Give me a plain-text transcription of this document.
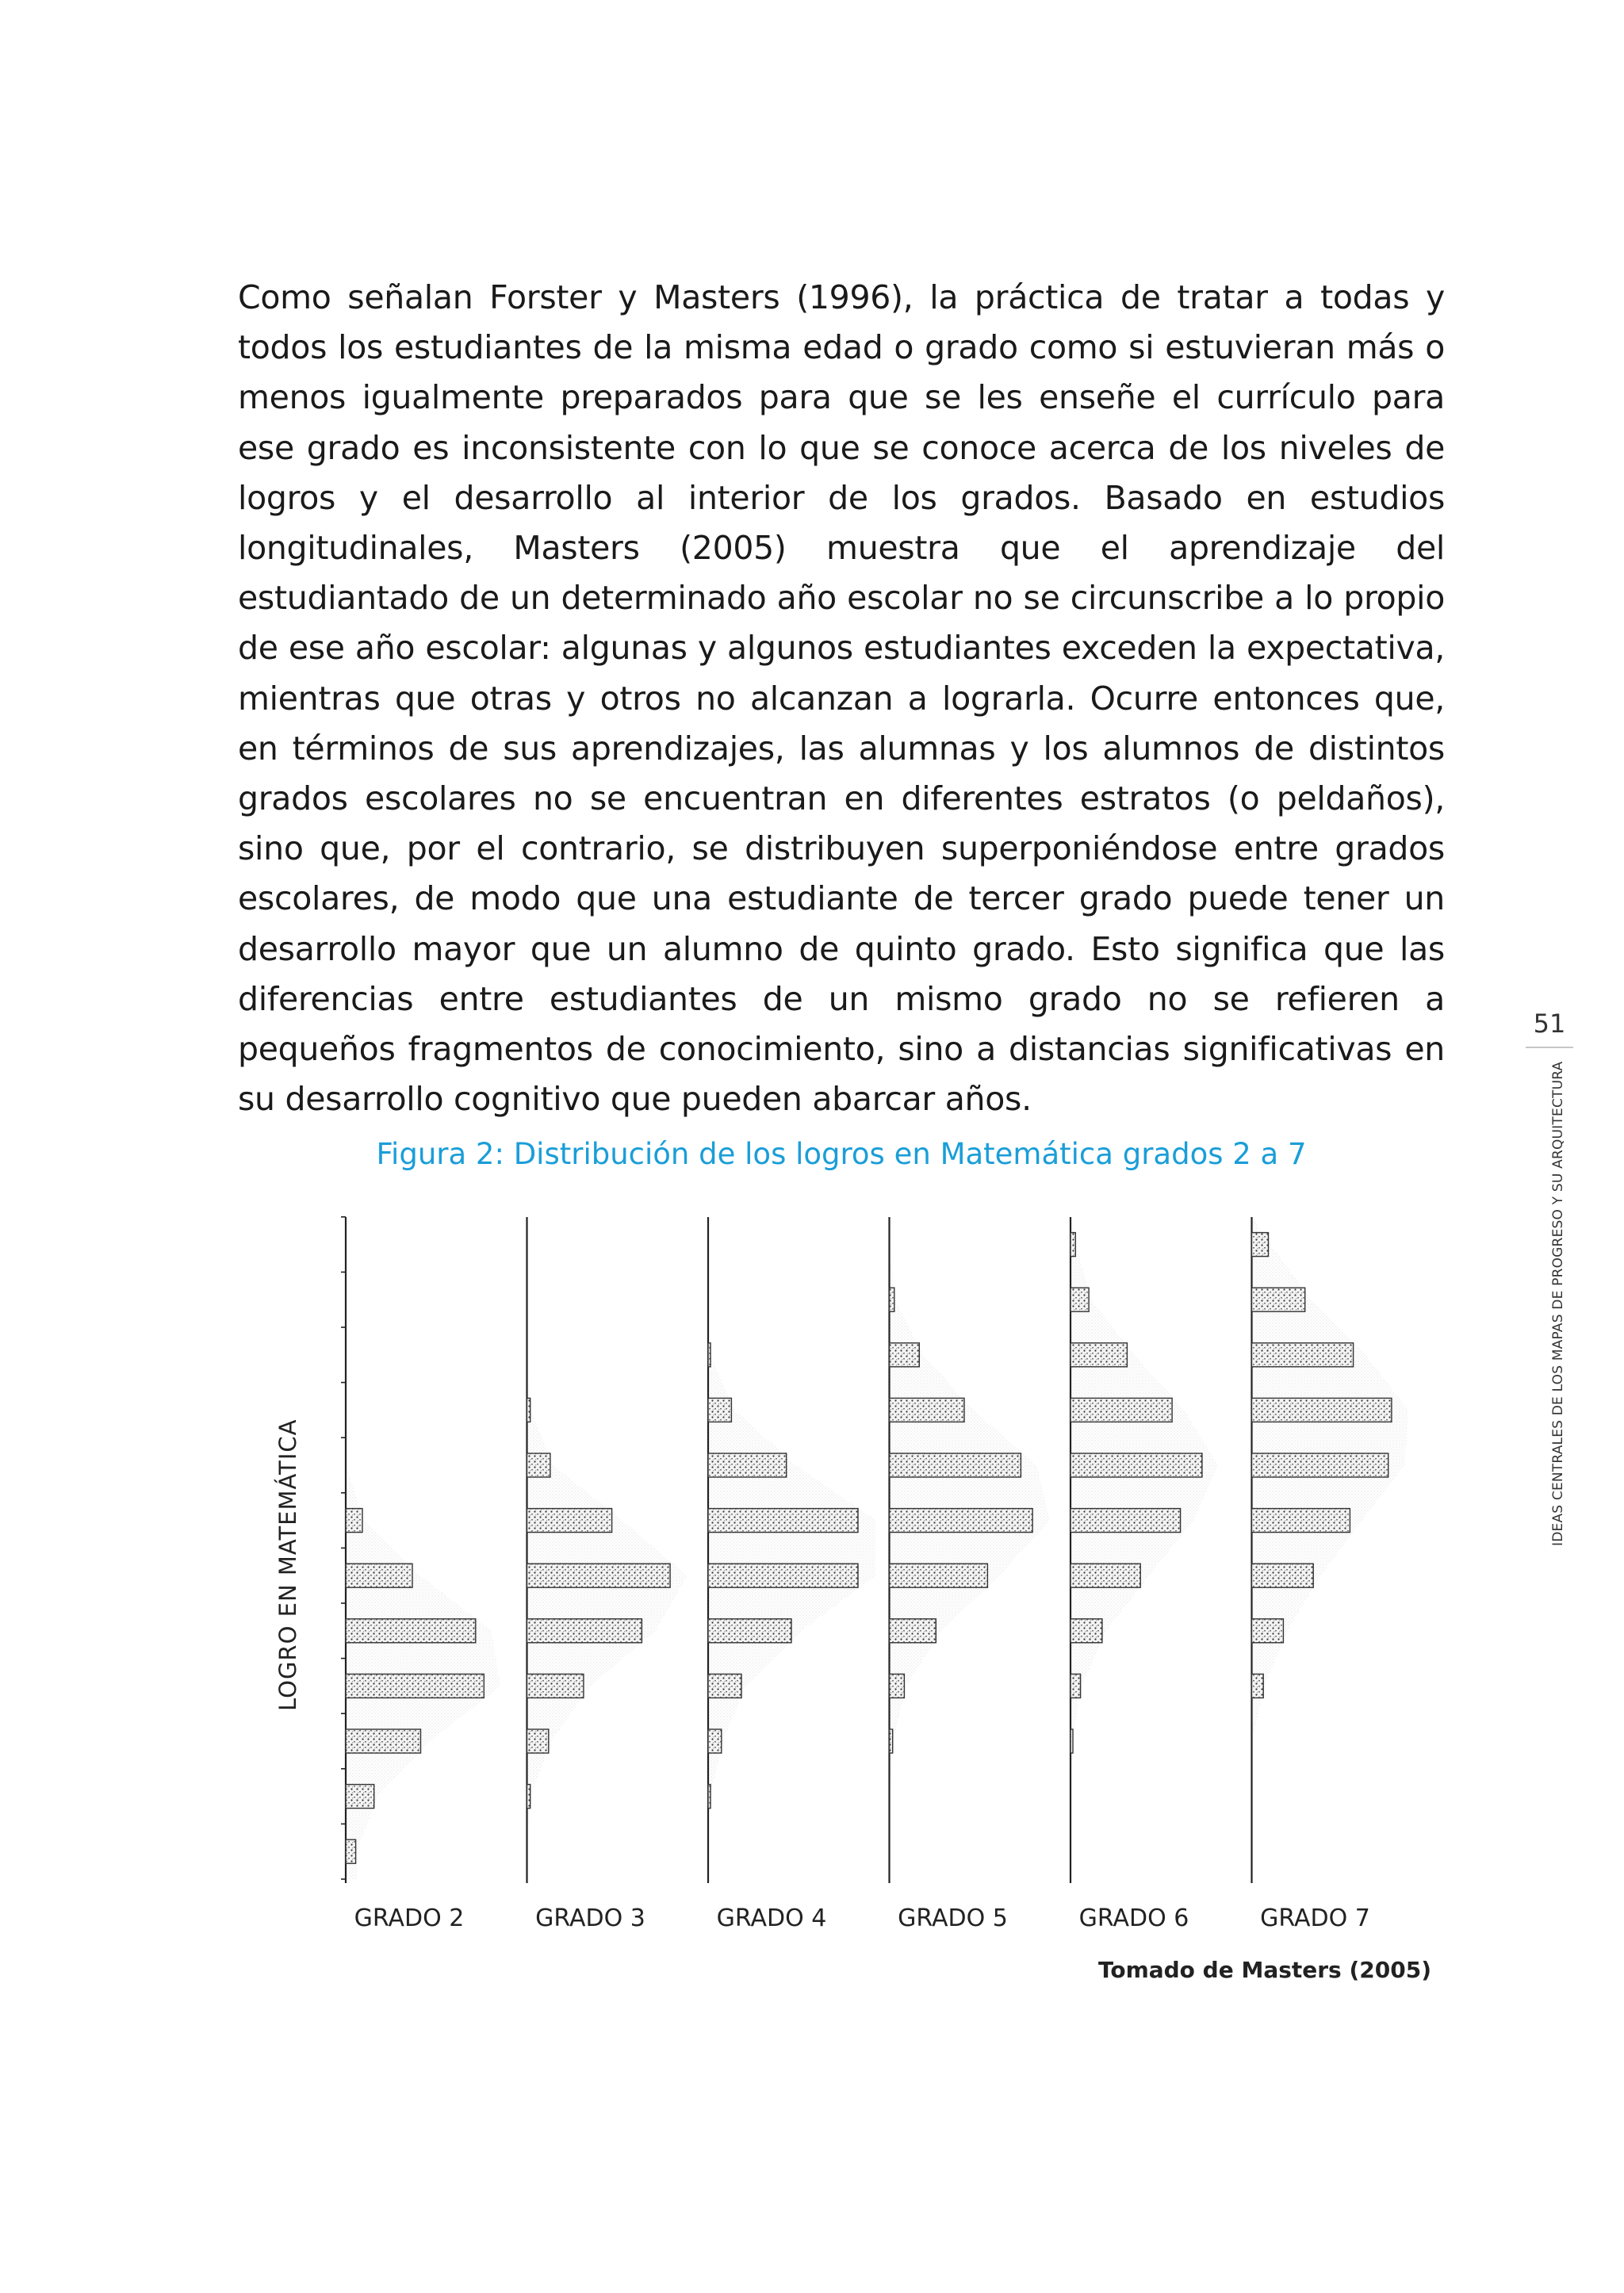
Como señalan Forster y Masters (1996), la práctica de tratar a todas y todos los estudiantes de la misma edad o grado como si estuvieran más o menos igualmente preparados para que se les enseñe el currículo para ese grado es inconsistente con lo que se conoce acerca de los niveles de logros y el desarrollo al interior de los grados. Basado en estudios longitudinales, Masters (2005) muestra que el aprendizaje del estudiantado de un determinado año escolar no se circunscribe a lo propio de ese año escolar: algunas y algunos estudiantes exceden la expectativa, mientras que otras y otros no alcanzan a lograrla. Ocurre entonces que, en términos de sus aprendizajes, las alumnas y los alumnos de distintos grados escolares no se encuentran en diferentes estratos (o peldaños), sino que, por el contrario, se distribuyen superponiéndose entre grados escolares, de modo que una estudiante de tercer grado puede tener un desarrollo mayor que un alumno de quinto grado. Esto significa que las diferencias entre estudiantes de un mismo grado no se refieren a pequeños fragmentos de conocimiento, sino a distancias significativas en su desarrollo cognitivo que pueden abarcar años.

51
IDEAS CENTRALES DE LOS MAPAS DE PROGRESO Y SU ARQUITECTURA
Figura 2: Distribución de los logros en Matemática grados 2 a 7
LOGRO EN MATEMÁTICA
GRADO 2	GRADO 3	GRADO 4	GRADO 5	GRADO 6	GRADO 7
Tomado de Masters (2005)
